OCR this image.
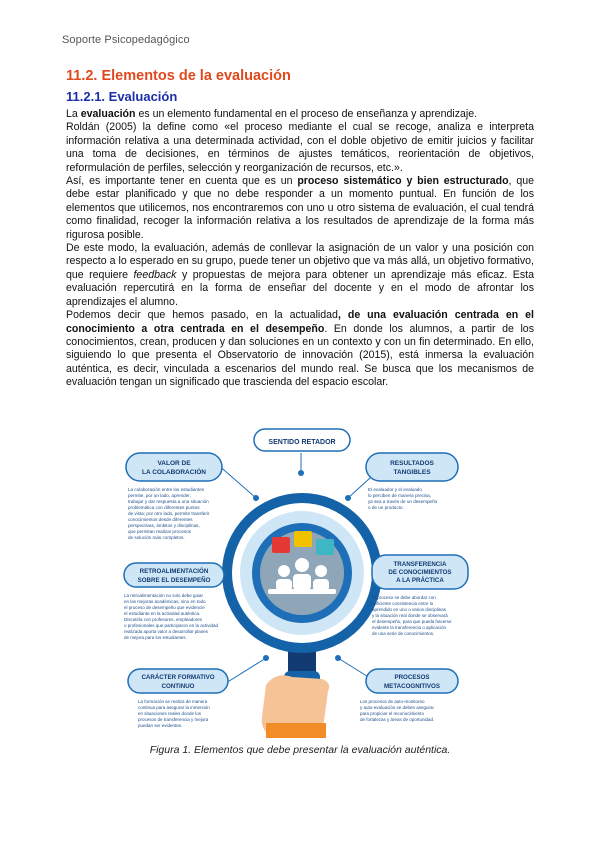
Soporte Psicopedagógico
11.2. Elementos de la evaluación
11.2.1. Evaluación

La evaluación es un elemento fundamental en el proceso de enseñanza y aprendizaje.

Roldán (2005) la define como «el proceso mediante el cual se recoge, analiza e interpreta información relativa a una determinada actividad, con el doble objetivo de emitir juicios y facilitar una toma de decisiones, en términos de ajustes temáticos, reorientación de objetivos, reformulación de perfiles, selección y reorganización de recursos, etc.».

Así, es importante tener en cuenta que es un proceso sistemático y bien estructurado, que debe estar planificado y que no debe responder a un momento puntual. En función de los elementos que utilicemos, nos encontraremos con uno u otro sistema de evaluación, el cual tendrá como finalidad, recoger la información relativa a los resultados de aprendizaje de la forma más rigurosa posible.

De este modo, la evaluación, además de conllevar la asignación de un valor y una posición con respecto a lo esperado en su grupo, puede tener un objetivo que va más allá, un objetivo formativo, que requiere feedback y propuestas de mejora para obtener un aprendizaje más eficaz. Esta evaluación repercutirá en la forma de enseñar del docente y en el modo de afrontar los aprendizajes el alumno.

Podemos decir que hemos pasado, en la actualidad, de una evaluación centrada en el conocimiento a otra centrada en el desempeño. En donde los alumnos, a partir de los conocimientos, crean, producen y dan soluciones en un contexto y con un fin determinado. En ello, siguiendo lo que presenta el Observatorio de innovación (2015), está inmersa la evaluación auténtica, es decir, vinculada a escenarios del mundo real. Se busca que los mecanismos de evaluación tengan un significado que trascienda del espacio escolar.

SENTIDO RETADOR
VALOR DE
LA COLABORACIÓN
La colaboración entre los estudiantes
permite, por un lado, aprender,
trabajar y dar respuesta a una situación
problemática con diferentes puntos
de vista; por otro lado, permite transferir
conocimientos desde diferentes
perspectivas, ámbitos y disciplinas,
que permitan realizar procesos
de solución más completos.
RESULTADOS
TANGIBLES
El evaluador y el evaluado
lo perciben de manera precisa,
ya sea a través de un desempeño
o de un producto.
RETROALIMENTACIÓN
SOBRE EL DESEMPEÑO
La retroalimentación no solo debe guiar
en las mejoras académicas, sino en todo
el proceso de desempeño que evidencie
el estudiante en la actividad auténtica.
Discutirla con profesores, empleadores
o profesionales que participaron en la actividad
realizada aporta valor a desarrollar planes
de mejora para los estudiantes.
TRANSFERENCIA
DE CONOCIMIENTOS
A LA PRÁCTICA
El proceso se debe abordar con
suficiente consistencia entre lo
aprendido en uno o varios disciplinas
y la situación real donde se observará
el desempeño, para que pueda hacerse
evidente la transferencia o aplicación
de una serie de conocimientos.
CARÁCTER FORMATIVO
CONTINUO
La formación se realiza de manera
continua para asegurar la inmersión
en situaciones reales donde los
procesos de transferencia y mejora
puedan ser evidentes.
PROCESOS
METACOGNITIVOS
Los procesos de auto-monitoreo
y auto-evaluación se deben asegurar
para propiciar el reconocimiento
de fortalezas y áreas de oportunidad.
Figura 1. Elementos que debe presentar la evaluación auténtica.
